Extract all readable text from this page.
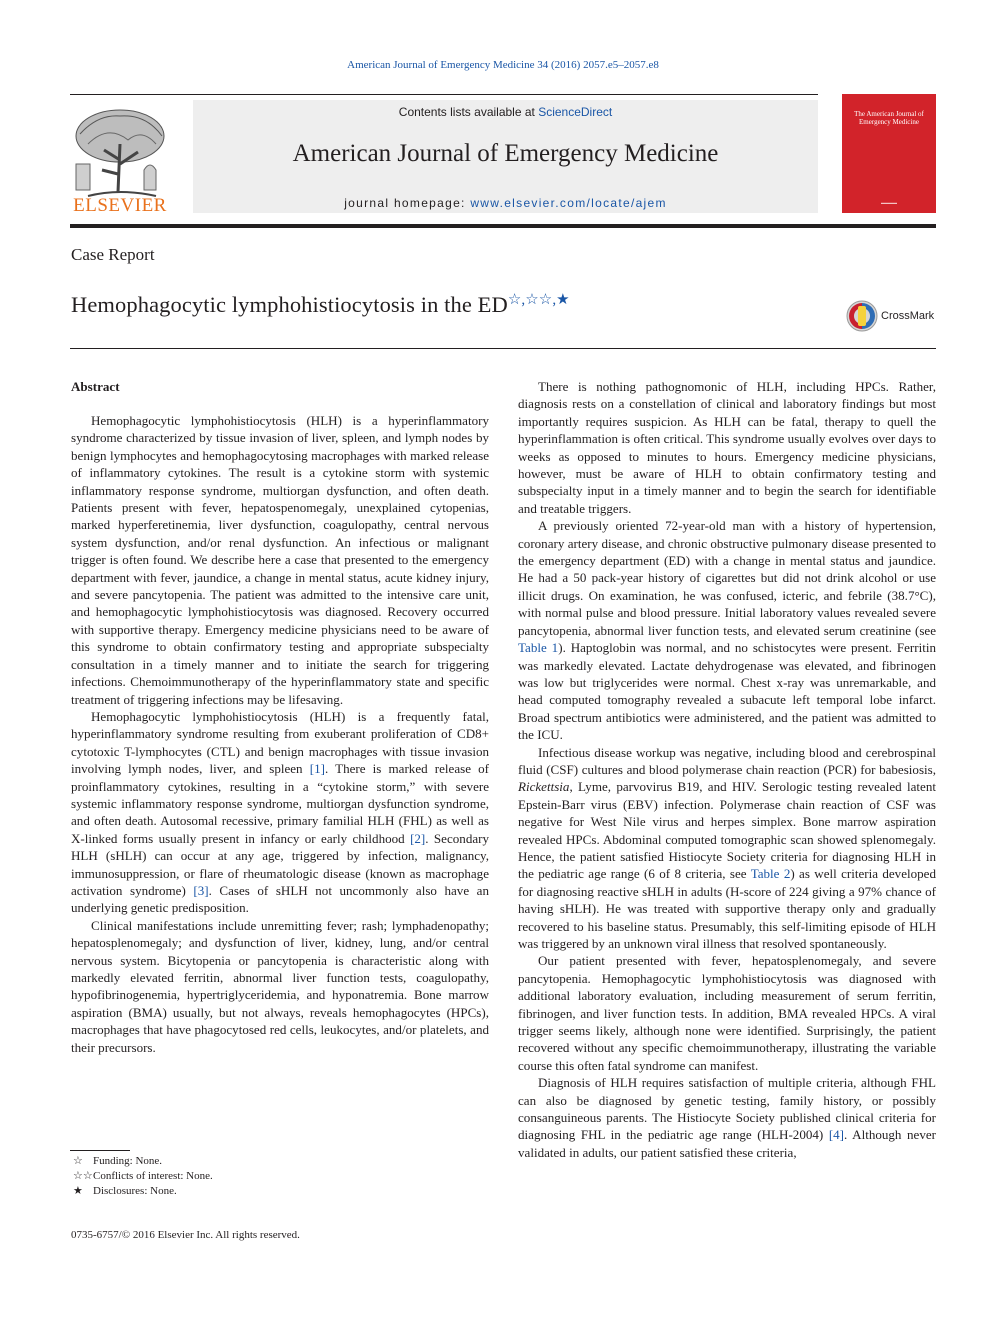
American Journal of Emergency Medicine 34 (2016) 2057.e5–2057.e8
ELSEVIER
Contents lists available at ScienceDirect
American Journal of Emergency Medicine
journal homepage: www.elsevier.com/locate/ajem
The American Journal of Emergency Medicine
▬▬▬▬
Case Report
Hemophagocytic lymphohistiocytosis in the ED☆,☆☆,★
CrossMark
Abstract

Hemophagocytic lymphohistiocytosis (HLH) is a hyperinflammatory syndrome characterized by tissue invasion of liver, spleen, and lymph nodes by benign lymphocytes and hemophagocytosing macrophages with marked release of inflammatory cytokines. The result is a cytokine storm with systemic inflammatory response syndrome, multiorgan dysfunction, and often death. Patients present with fever, hepatospenomegaly, unexplained cytopenias, marked hyperferetinemia, liver dysfunction, coagulopathy, central nervous system dysfunction, and/or renal dysfunction. An infectious or malignant trigger is often found. We describe here a case that presented to the emergency department with fever, jaundice, a change in mental status, acute kidney injury, and severe pancytopenia. The patient was admitted to the intensive care unit, and hemophagocytic lymphohistiocytosis was diagnosed. Recovery occurred with supportive therapy. Emergency medicine physicians need to be aware of this syndrome to obtain confirmatory testing and appropriate subspecialty consultation in a timely manner and to initiate the search for triggering infections. Chemoimmunotherapy of the hyperinflammatory state and specific treatment of triggering infections may be lifesaving.

Hemophagocytic lymphohistiocytosis (HLH) is a frequently fatal, hyperinflammatory syndrome resulting from exuberant proliferation of CD8+ cytotoxic T-lymphocytes (CTL) and benign macrophages with tissue invasion involving lymph nodes, liver, and spleen [1]. There is marked release of proinflammatory cytokines, resulting in a “cytokine storm,” with severe systemic inflammatory response syndrome, multiorgan dysfunction syndrome, and often death. Autosomal recessive, primary familial HLH (FHL) as well as X-linked forms usually present in infancy or early childhood [2]. Secondary HLH (sHLH) can occur at any age, triggered by infection, malignancy, immunosuppression, or flare of rheumatologic disease (known as macrophage activation syndrome) [3]. Cases of sHLH not uncommonly also have an underlying genetic predisposition.

Clinical manifestations include unremitting fever; rash; lymphadenopathy; hepatosplenomegaly; and dysfunction of liver, kidney, lung, and/or central nervous system. Bicytopenia or pancytopenia is characteristic along with markedly elevated ferritin, abnormal liver function tests, coagulopathy, hypofibrinogenemia, hypertriglyceridemia, and hyponatremia. Bone marrow aspiration (BMA) usually, but not always, reveals hemophagocytes (HPCs), macrophages that have phagocytosed red cells, leukocytes, and/or platelets, and their precursors.

There is nothing pathognomonic of HLH, including HPCs. Rather, diagnosis rests on a constellation of clinical and laboratory findings but most importantly requires suspicion. As HLH can be fatal, therapy to quell the hyperinflammation is often critical. This syndrome usually evolves over days to weeks as opposed to minutes to hours. Emergency medicine physicians, however, must be aware of HLH to obtain confirmatory testing and subspecialty input in a timely manner and to begin the search for identifiable and treatable triggers.

A previously oriented 72-year-old man with a history of hypertension, coronary artery disease, and chronic obstructive pulmonary disease presented to the emergency department (ED) with a change in mental status and jaundice. He had a 50 pack-year history of cigarettes but did not drink alcohol or use illicit drugs. On examination, he was confused, icteric, and febrile (38.7°C), with normal pulse and blood pressure. Initial laboratory values revealed severe pancytopenia, abnormal liver function tests, and elevated serum creatinine (see Table 1). Haptoglobin was normal, and no schistocytes were present. Ferritin was markedly elevated. Lactate dehydrogenase was elevated, and fibrinogen was low but triglycerides were normal. Chest x-ray was unremarkable, and head computed tomography revealed a subacute left temporal lobe infarct. Broad spectrum antibiotics were administered, and the patient was admitted to the ICU.

Infectious disease workup was negative, including blood and cerebrospinal fluid (CSF) cultures and blood polymerase chain reaction (PCR) for babesiosis, Rickettsia, Lyme, parvovirus B19, and HIV. Serologic testing revealed latent Epstein-Barr virus (EBV) infection. Polymerase chain reaction of CSF was negative for West Nile virus and herpes simplex. Bone marrow aspiration revealed HPCs. Abdominal computed tomographic scan showed splenomegaly. Hence, the patient satisfied Histiocyte Society criteria for diagnosing HLH in the pediatric age range (6 of 8 criteria, see Table 2) as well criteria developed for diagnosing reactive sHLH in adults (H-score of 224 giving a 97% chance of having sHLH). He was treated with supportive therapy only and gradually recovered to his baseline status. Presumably, this self-limiting episode of HLH was triggered by an unknown viral illness that resolved spontaneously.

Our patient presented with fever, hepatosplenomegaly, and severe pancytopenia. Hemophagocytic lymphohistiocytosis was diagnosed with additional laboratory evaluation, including measurement of serum ferritin, fibrinogen, and liver function tests. In addition, BMA revealed HPCs. A viral trigger seems likely, although none were identified. Surprisingly, the patient recovered without any specific chemoimmunotherapy, illustrating the variable course this often fatal syndrome can manifest.

Diagnosis of HLH requires satisfaction of multiple criteria, although FHL can also be diagnosed by genetic testing, family history, or possibly consanguineous parents. The Histiocyte Society published clinical criteria for diagnosing FHL in the pediatric age range (HLH-2004) [4]. Although never validated in adults, our patient satisfied these criteria,

☆ Funding: None.
☆☆Conflicts of interest: None.
★ Disclosures: None.
0735-6757/© 2016 Elsevier Inc. All rights reserved.
